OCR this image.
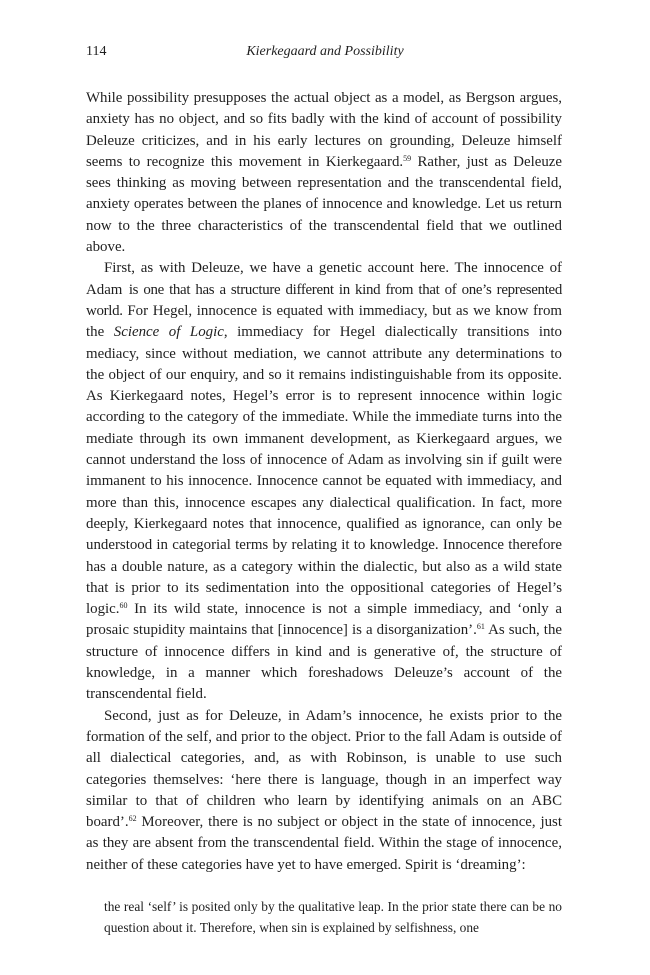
114	Kierkegaard and Possibility

While possibility presupposes the actual object as a model, as Bergson argues, anxiety has no object, and so fits badly with the kind of account of possibility Deleuze criticizes, and in his early lectures on grounding, Deleuze himself seems to recognize this movement in Kierkegaard.$^{59}$ Rather, just as Deleuze sees thinking as moving between representation and the transcendental field, anxiety operates between the planes of innocence and knowledge. Let us return now to the three characteristics of the transcendental field that we outlined above.

First, as with Deleuze, we have a genetic account here. The innocence of Adam is one that has a structure different in kind from that of one’s represented world. For Hegel, innocence is equated with immediacy, but as we know from the Science of Logic, immediacy for Hegel dialectically transitions into mediacy, since without mediation, we cannot attribute any determinations to the object of our enquiry, and so it remains indistinguishable from its opposite. As Kierkegaard notes, Hegel’s error is to represent innocence within logic according to the category of the immediate. While the immediate turns into the mediate through its own immanent development, as Kierkegaard argues, we cannot understand the loss of innocence of Adam as involving sin if guilt were immanent to his innocence. Innocence cannot be equated with immediacy, and more than this, innocence escapes any dialectical qualification. In fact, more deeply, Kierkegaard notes that innocence, qualified as ignorance, can only be understood in categorial terms by relating it to knowledge. Innocence therefore has a double nature, as a category within the dialectic, but also as a wild state that is prior to its sedimentation into the oppositional categories of Hegel’s logic.$^{60}$ In its wild state, innocence is not a simple immediacy, and ‘only a prosaic stupidity maintains that [innocence] is a disorganization’.$^{61}$ As such, the structure of innocence differs in kind and is generative of, the structure of knowledge, in a manner which foreshadows Deleuze’s account of the transcendental field.

Second, just as for Deleuze, in Adam’s innocence, he exists prior to the formation of the self, and prior to the object. Prior to the fall Adam is outside of all dialectical categories, and, as with Robinson, is unable to use such categories themselves: ‘here there is language, though in an imperfect way similar to that of children who learn by identifying animals on an ABC board’.$^{62}$ Moreover, there is no subject or object in the state of innocence, just as they are absent from the transcendental field. Within the stage of innocence, neither of these categories have yet to have emerged. Spirit is ‘dreaming’:

the real ‘self’ is posited only by the qualitative leap. In the prior state there can be no question about it. Therefore, when sin is explained by selfishness, one
